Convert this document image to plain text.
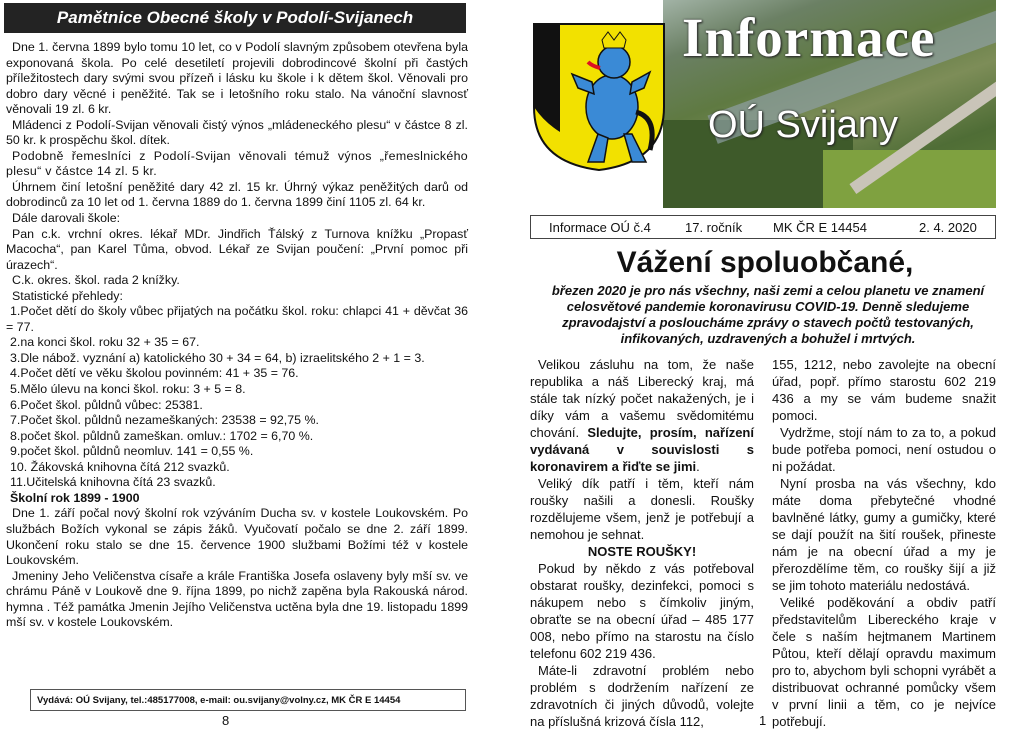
Pamětnice Obecné školy v Podolí-Svijanech

Dne 1. června 1899 bylo tomu 10 let, co v Podolí slavným způsobem otevřena byla exponovaná škola. Po celé desetiletí projevili dobrodincové školní při častých příležitostech dary svými svou přízeň i lásku ku škole i k dětem škol. Věnovali pro dobro dary věcné i peněžité. Tak se i letošního roku stalo. Na vánoční slavnosť věnovali 19 zl. 6 kr.

Mládenci z Podolí-Svijan věnovali čistý výnos „mládeneckého plesu“ v částce 8 zl. 50 kr. k prospěchu škol. dítek.

Podobně řemeslníci z Podolí-Svijan věnovali témuž výnos „řemeslnického plesu“ v částce 14 zl. 5 kr.

Úhrnem činí letošní peněžité dary 42 zl. 15 kr. Úhrný výkaz peněžitých darů od dobrodinců za 10 let od 1. června 1889 do 1. června 1899 činí 1105 zl. 64 kr.

Dále darovali škole:

Pan c.k. vrchní okres. lékař MDr. Jindřich Ťálský z Turnova knížku „Propasť Macocha“, pan Karel Tůma, obvod. Lékař ze Svijan poučení: „První pomoc při úrazech“.

C.k. okres. škol. rada 2 knížky.

Statistické přehledy:

1.Počet dětí do školy vůbec přijatých na počátku škol. roku: chlapci 41 + děvčat 36 = 77.

2.na konci škol. roku 32 + 35 = 67.

3.Dle nábož. vyznání a) katolického 30 + 34 = 64, b) izraelitského 2 + 1 = 3.

4.Počet dětí ve věku školou povinném: 41 + 35 = 76.

5.Mělo úlevu na konci škol. roku: 3 + 5 = 8.

6.Počet škol. půldnů vůbec: 25381.

7.Počet škol. půldnů nezameškaných: 23538 = 92,75 %.

8.počet škol. půldnů zameškan. omluv.: 1702 = 6,70 %.

9.počet škol. půldnů neomluv. 141 = 0,55 %.

10. Žákovská knihovna čítá 212 svazků.

11.Učitelská knihovna čítá 23 svazků.

Školní rok 1899 - 1900

Dne 1. září počal nový školní rok vzýváním Ducha sv. v kostele Loukovském. Po službách Božích vykonal se zápis žáků. Vyučovatí počalo se dne 2. září 1899. Ukončení roku stalo se dne 15. července 1900 službami Božími též v kostele Loukovském.

Jmeniny Jeho Veličenstva císaře a krále Františka Josefa oslaveny byly mší sv. ve chrámu Páně v Loukově dne 9. října 1899, po nichž zapěna byla Rakouská národ. hymna . Též památka Jmenin Jejího Veličenstva uctěna byla dne 19. listopadu 1899 mší sv. v kostele Loukovském.

Vydává: OÚ Svijany, tel.:485177008, e-mail: ou.svijany@volny.cz, MK ČR E 14454
8
Informace
OÚ Svijany
Informace OÚ č.4	17. ročník MK ČR E 14454	2. 4. 2020
Vážení spoluobčané,
březen 2020 je pro nás všechny, naši zemi a celou planetu ve znamení celosvětové pandemie koronavirusu COVID-19. Denně sledujeme zpravodajství a posloucháme zprávy o stavech počtů testovaných, infikovaných, uzdravených a bohužel i mrtvých.

Velikou zásluhu na tom, že naše republika a náš Liberecký kraj, má stále tak nízký počet nakažených, je i díky vám a vašemu svědomitému chování. Sledujte, prosím, nařízení vydávaná v souvislosti s koronavirem a řiďte se jimi.

Veliký dík patří i těm, kteří nám roušky našili a donesli. Roušky rozdělujeme všem, jenž je potřebují a nemohou je sehnat.

NOSTE ROUŠKY!

Pokud by někdo z vás potřeboval obstarat roušky, dezinfekci, pomoci s nákupem nebo s čímkoliv jiným, obraťte se na obecní úřad – 485 177 008, nebo přímo na starostu na číslo telefonu 602 219 436.

Máte-li zdravotní problém nebo problém s dodržením nařízení ze zdravotních či jiných důvodů, volejte na příslušná krizová čísla 112,

155, 1212, nebo zavolejte na obecní úřad, popř. přímo starostu 602 219 436 a my se vám budeme snažit pomoci.

Vydržme, stojí nám to za to, a pokud bude potřeba pomoci, není ostudou o ni požádat.

Nyní prosba na vás všechny, kdo máte doma přebytečné vhodné bavlněné látky, gumy a gumičky, které se dají použít na šití roušek, přineste nám je na obecní úřad a my je přerozdělíme těm, co roušky šijí a již se jim tohoto materiálu nedostává.

Veliké poděkování a obdiv patří představitelům Libereckého kraje v čele s naším hejtmanem Martinem Půtou, kteří dělají opravdu maximum pro to, abychom byli schopni vyrábět a distribuovat ochranné pomůcky všem v první linii a těm, co je nejvíce potřebují.

1
